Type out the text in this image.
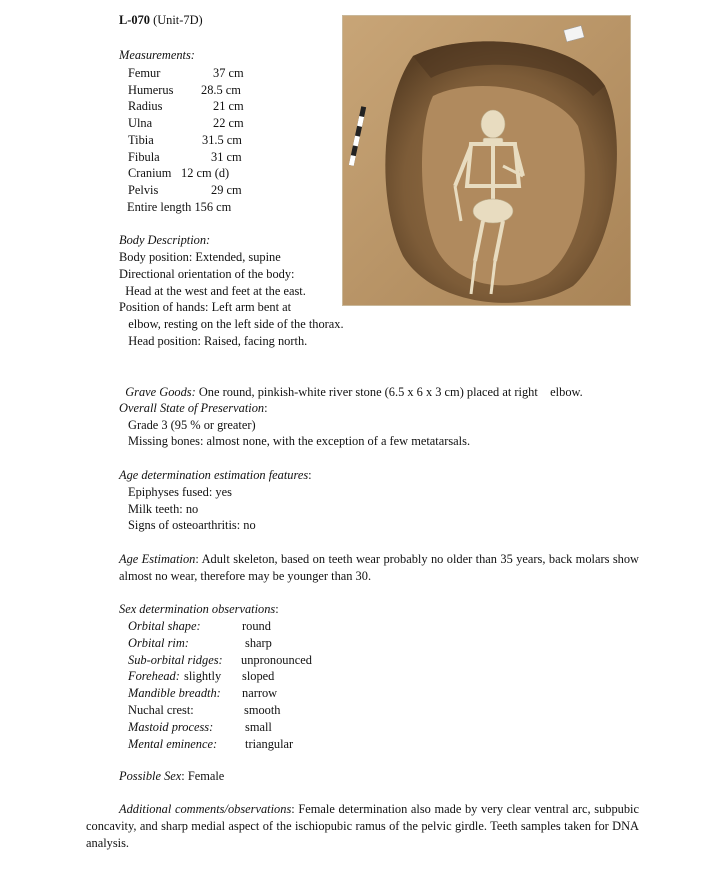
L-070 (Unit-7D)
Measurements:
Femur	37 cm
Humerus 28.5 cm
Radius	21 cm
Ulna	22 cm
Tibia	31.5 cm
Fibula	31 cm
Cranium 12 cm (d)
Pelvis	29 cm
Entire length 156 cm
Body Description:
Body position: Extended, supine
Directional orientation of the body:
Head at the west and feet at the east.
Position of hands: Left arm bent at
elbow, resting on the left side of the thorax.
Head position: Raised, facing north.

Grave Goods: One round, pinkish-white river stone (6.5 x 6 x 3 cm) placed at right    elbow.

Overall State of Preservation:
Grade 3 (95 % or greater)
Missing bones: almost none, with the exception of a few metatarsals.
Age determination estimation features:
Epiphyses fused: yes
Milk teeth: no
Signs of osteoarthritis: no
Age Estimation: Adult skeleton, based on teeth wear probably no older than 35 years, back molars show almost no wear, therefore may be younger than 30.
Sex determination observations:
Orbital shape:	round
Orbital rim:	sharp
Sub-orbital ridges: unpronounced
Forehead: slightly sloped
Mandible breadth: narrow
Nuchal crest:	smooth
Mastoid process:	small
Mental eminence: triangular
Possible Sex: Female
Additional comments/observations: Female determination also made by very clear ventral arc, subpubic concavity, and sharp medial aspect of the ischiopubic ramus of the pelvic girdle. Teeth samples taken for DNA analysis.
